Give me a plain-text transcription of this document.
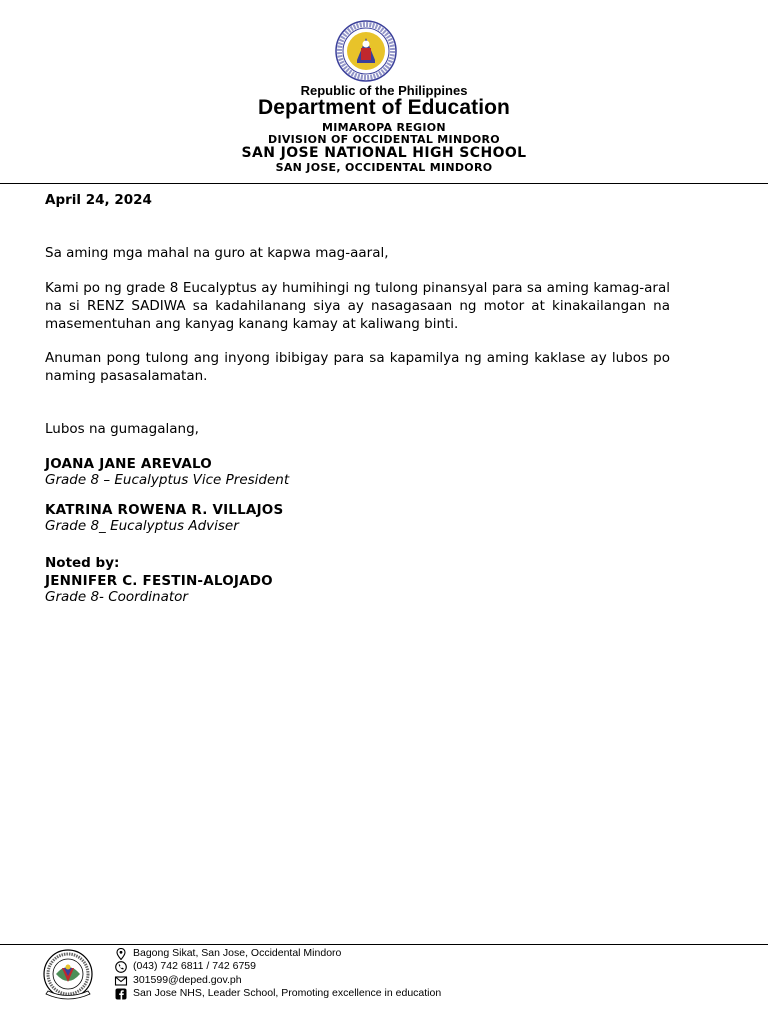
Republic of the Philippines
Department of Education
MIMAROPA REGION
DIVISION OF OCCIDENTAL MINDORO
SAN JOSE NATIONAL HIGH SCHOOL
SAN JOSE, OCCIDENTAL MINDORO
April 24, 2024
Sa aming mga mahal na guro at kapwa mag-aaral,
Kami po ng grade 8 Eucalyptus ay humihingi ng tulong pinansyal para sa aming kamag-aral na si RENZ SADIWA sa kadahilanang siya ay nasagasaan ng motor at kinakailangan na masementuhan ang kanyag kanang kamay at kaliwang binti.
Anuman pong tulong ang inyong ibibigay para sa kapamilya ng aming kaklase ay lubos po naming pasasalamatan.
Lubos na gumagalang,
JOANA JANE AREVALO
Grade 8 – Eucalyptus Vice President
KATRINA ROWENA R. VILLAJOS
Grade 8_ Eucalyptus Adviser
Noted by:
JENNIFER C. FESTIN-ALOJADO
Grade 8- Coordinator
Bagong Sikat, San Jose, Occidental Mindoro
(043) 742 6811 / 742 6759
301599@deped.gov.ph
San Jose NHS, Leader School, Promoting excellence in education
